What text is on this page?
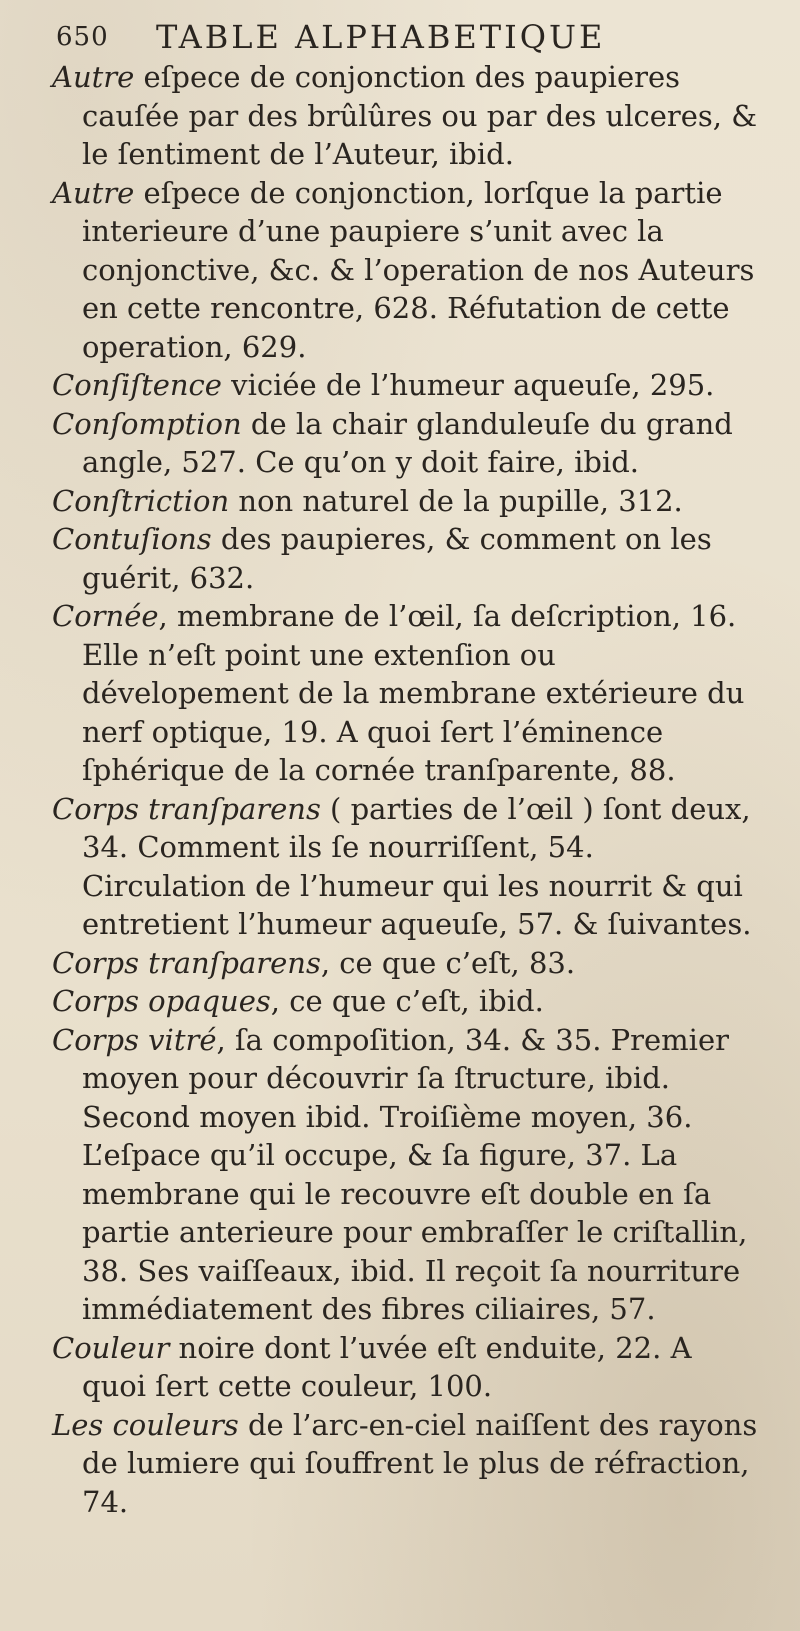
650 TABLE ALPHABETIQUE

Autre eſpece de conjonction des paupieres cauſée par des brûlûres ou par des ulceres, & le ſentiment de l’Auteur, ibid.

Autre eſpece de conjonction, lorſque la partie interieure d’une paupiere s’unit avec la conjonctive, &c. & l’operation de nos Auteurs en cette rencontre, 628. Réfutation de cette operation, 629.

Conſiſtence viciée de l’humeur aqueuſe, 295.

Conſomption de la chair glanduleuſe du grand angle, 527. Ce qu’on y doit faire, ibid.

Conſtriction non naturel de la pupille, 312.

Contuſions des paupieres, & comment on les guérit, 632.

Cornée, membrane de l’œil, ſa deſcription, 16. Elle n’eſt point une extenſion ou dévelopement de la membrane extérieure du nerf optique, 19. A quoi ſert l’éminence ſphérique de la cornée tranſparente, 88.

Corps tranſparens ( parties de l’œil ) ſont deux, 34. Comment ils ſe nourriſſent, 54. Circulation de l’humeur qui les nourrit & qui entretient l’humeur aqueuſe, 57. & ſuivantes.

Corps tranſparens, ce que c’eſt, 83.

Corps opaques, ce que c’eſt, ibid.

Corps vitré, ſa compoſition, 34. & 35. Premier moyen pour découvrir ſa ſtructure, ibid. Second moyen ibid. Troiſième moyen, 36. L’eſpace qu’il occupe, & ſa figure, 37. La membrane qui le recouvre eſt double en ſa partie anterieure pour embraſſer le criſtallin, 38. Ses vaiſſeaux, ibid. Il reçoit ſa nourriture immédiatement des fibres ciliaires, 57.

Couleur noire dont l’uvée eſt enduite, 22. A quoi ſert cette couleur, 100.

Les couleurs de l’arc-en-ciel naiſſent des rayons de lumiere qui ſouffrent le plus de réfraction, 74.
